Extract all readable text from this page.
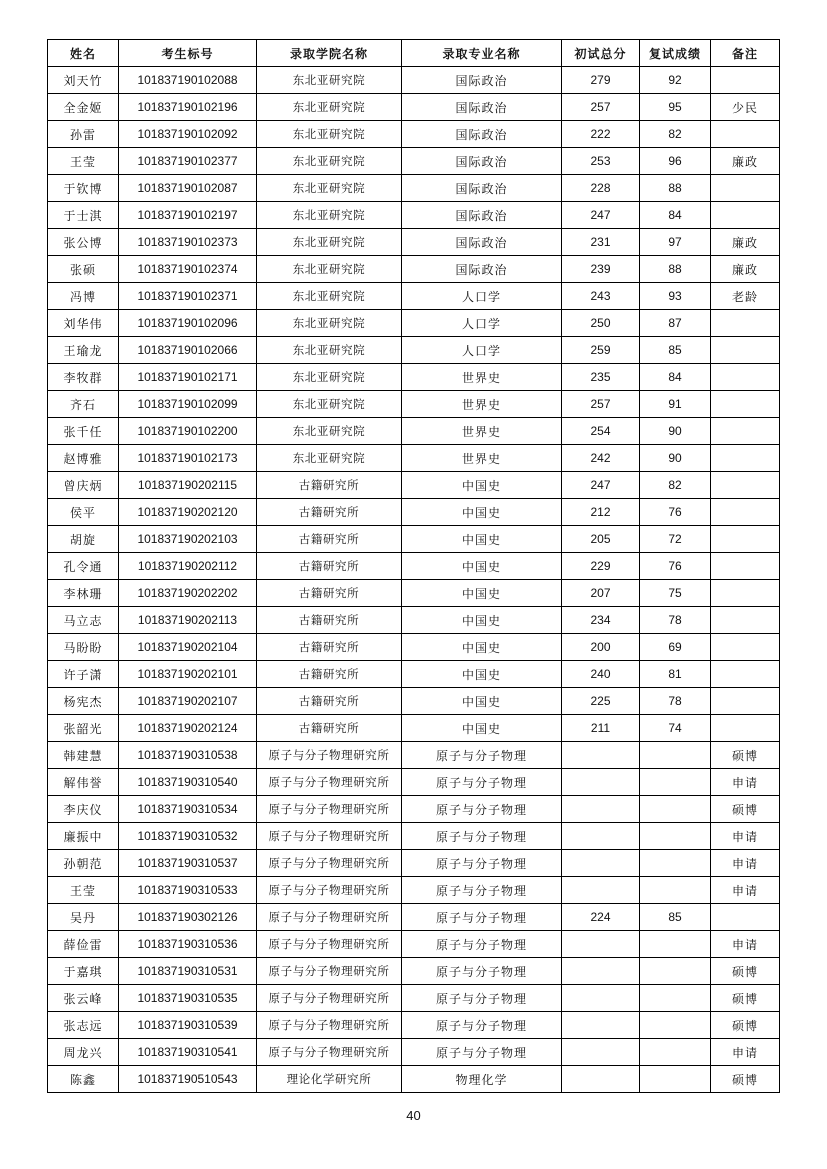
姓名	考生标号	录取学院名称	录取专业名称	初试总分	复试成绩	备注
刘天竹	101837190102088	东北亚研究院	国际政治	279	92	
全金姬	101837190102196	东北亚研究院	国际政治	257	95	少民
孙雷	101837190102092	东北亚研究院	国际政治	222	82	
王莹	101837190102377	东北亚研究院	国际政治	253	96	廉政
于钦博	101837190102087	东北亚研究院	国际政治	228	88	
于士淇	101837190102197	东北亚研究院	国际政治	247	84	
张公博	101837190102373	东北亚研究院	国际政治	231	97	廉政
张硕	101837190102374	东北亚研究院	国际政治	239	88	廉政
冯博	101837190102371	东北亚研究院	人口学	243	93	老龄
刘华伟	101837190102096	东北亚研究院	人口学	250	87	
王瑜龙	101837190102066	东北亚研究院	人口学	259	85	
李牧群	101837190102171	东北亚研究院	世界史	235	84	
齐石	101837190102099	东北亚研究院	世界史	257	91	
张千任	101837190102200	东北亚研究院	世界史	254	90	
赵博雅	101837190102173	东北亚研究院	世界史	242	90	
曾庆炳	101837190202115	古籍研究所	中国史	247	82	
侯平	101837190202120	古籍研究所	中国史	212	76	
胡旋	101837190202103	古籍研究所	中国史	205	72	
孔令通	101837190202112	古籍研究所	中国史	229	76	
李林珊	101837190202202	古籍研究所	中国史	207	75	
马立志	101837190202113	古籍研究所	中国史	234	78	
马盼盼	101837190202104	古籍研究所	中国史	200	69	
许子潇	101837190202101	古籍研究所	中国史	240	81	
杨宪杰	101837190202107	古籍研究所	中国史	225	78	
张韶光	101837190202124	古籍研究所	中国史	211	74	
韩建慧	101837190310538	原子与分子物理研究所	原子与分子物理			硕博
解伟誉	101837190310540	原子与分子物理研究所	原子与分子物理			申请
李庆仪	101837190310534	原子与分子物理研究所	原子与分子物理			硕博
廉振中	101837190310532	原子与分子物理研究所	原子与分子物理			申请
孙朝范	101837190310537	原子与分子物理研究所	原子与分子物理			申请
王莹	101837190310533	原子与分子物理研究所	原子与分子物理			申请
吴丹	101837190302126	原子与分子物理研究所	原子与分子物理	224	85	
薛俭雷	101837190310536	原子与分子物理研究所	原子与分子物理			申请
于嘉琪	101837190310531	原子与分子物理研究所	原子与分子物理			硕博
张云峰	101837190310535	原子与分子物理研究所	原子与分子物理			硕博
张志远	101837190310539	原子与分子物理研究所	原子与分子物理			硕博
周龙兴	101837190310541	原子与分子物理研究所	原子与分子物理			申请
陈鑫	101837190510543	理论化学研究所	物理化学			硕博
40
